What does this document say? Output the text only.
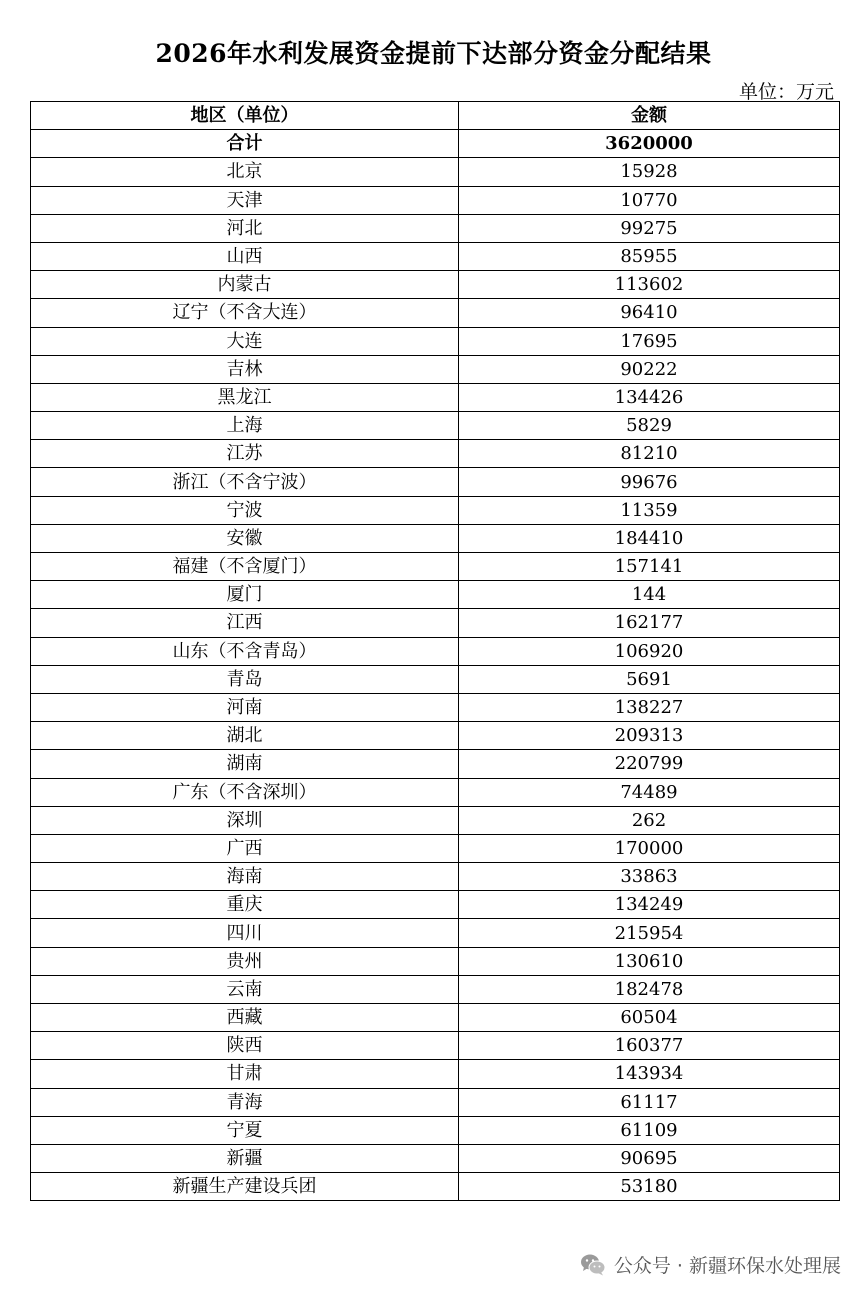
2026年水利发展资金提前下达部分资金分配结果
单位：万元
地区（单位）	金额
合计	3620000
北京	15928
天津	10770
河北	99275
山西	85955
内蒙古	113602
辽宁（不含大连）	96410
大连	17695
吉林	90222
黑龙江	134426
上海	5829
江苏	81210
浙江（不含宁波）	99676
宁波	11359
安徽	184410
福建（不含厦门）	157141
厦门	144
江西	162177
山东（不含青岛）	106920
青岛	5691
河南	138227
湖北	209313
湖南	220799
广东（不含深圳）	74489
深圳	262
广西	170000
海南	33863
重庆	134249
四川	215954
贵州	130610
云南	182478
西藏	60504
陕西	160377
甘肃	143934
青海	61117
宁夏	61109
新疆	90695
新疆生产建设兵团	53180
公众号 · 新疆环保水处理展
